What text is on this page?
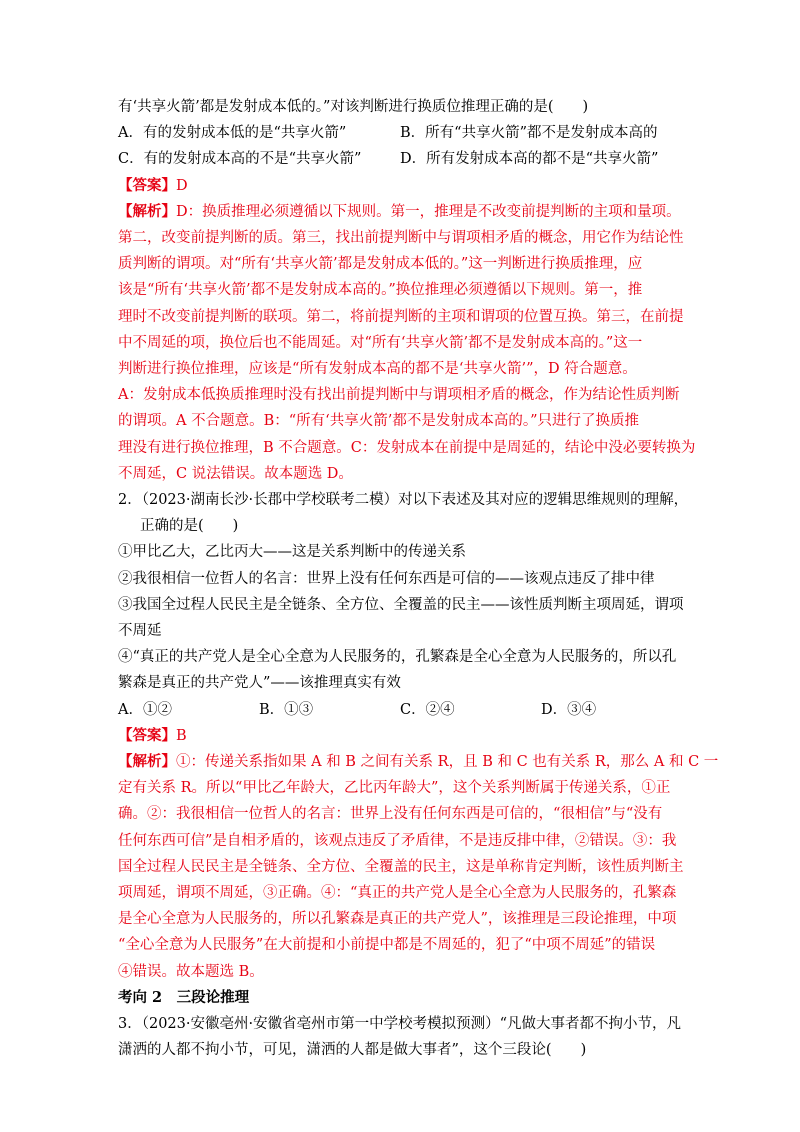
有‘共享火箭’都是发射成本低的。”对该判断进行换质位推理正确的是(　　)

A．有的发射成本低的是“共享火箭”	B．所有“共享火箭”都不是发射成本高的
C．有的发射成本高的不是“共享火箭”	D．所有发射成本高的都不是“共享火箭”

【答案】D

【解析】D：换质推理必须遵循以下规则。第一，推理是不改变前提判断的主项和量项。

第二，改变前提判断的质。第三，找出前提判断中与谓项相矛盾的概念，用它作为结论性

质判断的谓项。对“所有‘共享火箭’都是发射成本低的。”这一判断进行换质推理，应

该是“所有‘共享火箭’都不是发射成本高的。”换位推理必须遵循以下规则。第一，推

理时不改变前提判断的联项。第二，将前提判断的主项和谓项的位置互换。第三，在前提

中不周延的项，换位后也不能周延。对“所有‘共享火箭’都不是发射成本高的。”这一

判断进行换位推理，应该是“所有发射成本高的都不是‘共享火箭’”，D 符合题意。

A：发射成本低换质推理时没有找出前提判断中与谓项相矛盾的概念，作为结论性质判断

的谓项。A 不合题意。B：“所有‘共享火箭’都不是发射成本高的。”只进行了换质推

理没有进行换位推理，B 不合题意。C：发射成本在前提中是周延的，结论中没必要转换为

不周延，C 说法错误。故本题选 D。

2．（2023·湖南长沙·长郡中学校联考二模）对以下表述及其对应的逻辑思维规则的理解，

正确的是(　　)

①甲比乙大，乙比丙大——这是关系判断中的传递关系

②我很相信一位哲人的名言：世界上没有任何东西是可信的——该观点违反了排中律

③我国全过程人民民主是全链条、全方位、全覆盖的民主——该性质判断主项周延，谓项

不周延

④“真正的共产党人是全心全意为人民服务的，孔繁森是全心全意为人民服务的，所以孔

繁森是真正的共产党人”——该推理真实有效

A．①②	B．①③	C．②④	D．③④

【答案】B

【解析】①：传递关系指如果 A 和 B 之间有关系 R，且 B 和 C 也有关系 R，那么 A 和 C 一

定有关系 R。所以“甲比乙年龄大，乙比丙年龄大”，这个关系判断属于传递关系，①正

确。②：我很相信一位哲人的名言：世界上没有任何东西是可信的，“很相信”与“没有

任何东西可信”是自相矛盾的，该观点违反了矛盾律，不是违反排中律，②错误。③：我

国全过程人民民主是全链条、全方位、全覆盖的民主，这是单称肯定判断，该性质判断主

项周延，谓项不周延，③正确。④：“真正的共产党人是全心全意为人民服务的，孔繁森

是全心全意为人民服务的，所以孔繁森是真正的共产党人”，该推理是三段论推理，中项

“全心全意为人民服务”在大前提和小前提中都是不周延的，犯了“中项不周延”的错误

④错误。故本题选 B。

考向 2　三段论推理

3．（2023·安徽亳州·安徽省亳州市第一中学校考模拟预测）“凡做大事者都不拘小节，凡

潇洒的人都不拘小节，可见，潇洒的人都是做大事者”，这个三段论(　　)
